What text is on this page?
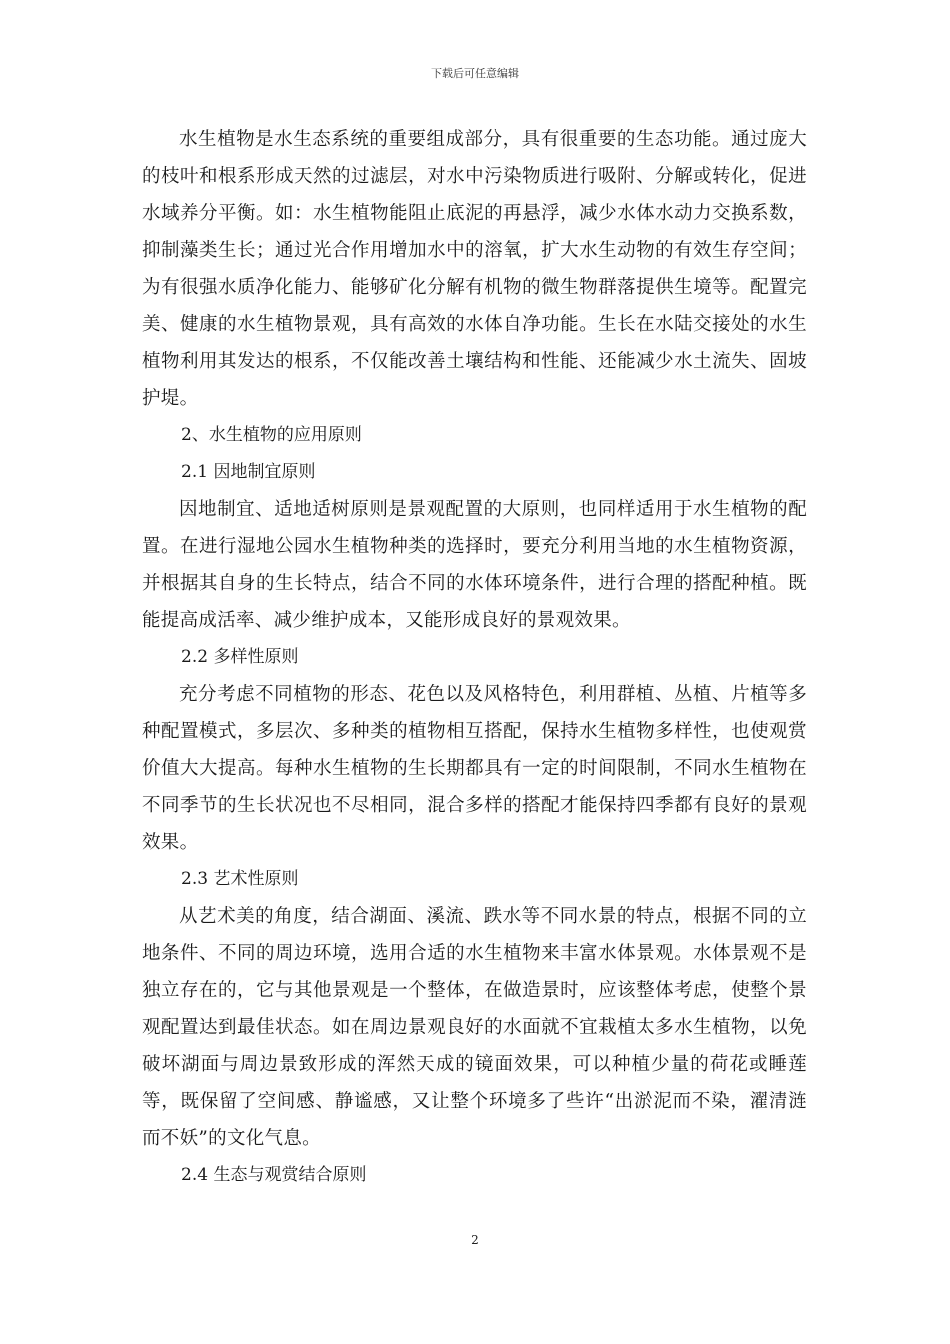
下载后可任意编辑

水生植物是水生态系统的重要组成部分，具有很重要的生态功能。通过庞大的枝叶和根系形成天然的过滤层，对水中污染物质进行吸附、分解或转化，促进水域养分平衡。如：水生植物能阻止底泥的再悬浮，减少水体水动力交换系数，抑制藻类生长；通过光合作用增加水中的溶氧，扩大水生动物的有效生存空间；为有很强水质净化能力、能够矿化分解有机物的微生物群落提供生境等。配置完美、健康的水生植物景观，具有高效的水体自净功能。生长在水陆交接处的水生植物利用其发达的根系，不仅能改善土壤结构和性能、还能减少水土流失、固坡护堤。

2、水生植物的应用原则

2.1 因地制宜原则

因地制宜、适地适树原则是景观配置的大原则，也同样适用于水生植物的配置。在进行湿地公园水生植物种类的选择时，要充分利用当地的水生植物资源，并根据其自身的生长特点，结合不同的水体环境条件，进行合理的搭配种植。既能提高成活率、减少维护成本，又能形成良好的景观效果。

2.2 多样性原则

充分考虑不同植物的形态、花色以及风格特色，利用群植、丛植、片植等多种配置模式，多层次、多种类的植物相互搭配，保持水生植物多样性，也使观赏价值大大提高。每种水生植物的生长期都具有一定的时间限制，不同水生植物在不同季节的生长状况也不尽相同，混合多样的搭配才能保持四季都有良好的景观效果。

2.3 艺术性原则

从艺术美的角度，结合湖面、溪流、跌水等不同水景的特点，根据不同的立地条件、不同的周边环境，选用合适的水生植物来丰富水体景观。水体景观不是独立存在的，它与其他景观是一个整体，在做造景时，应该整体考虑，使整个景观配置达到最佳状态。如在周边景观良好的水面就不宜栽植太多水生植物，以免破坏湖面与周边景致形成的浑然天成的镜面效果，可以种植少量的荷花或睡莲等，既保留了空间感、静谧感，又让整个环境多了些许“出淤泥而不染，濯清涟而不妖”的文化气息。

2.4 生态与观赏结合原则

2
